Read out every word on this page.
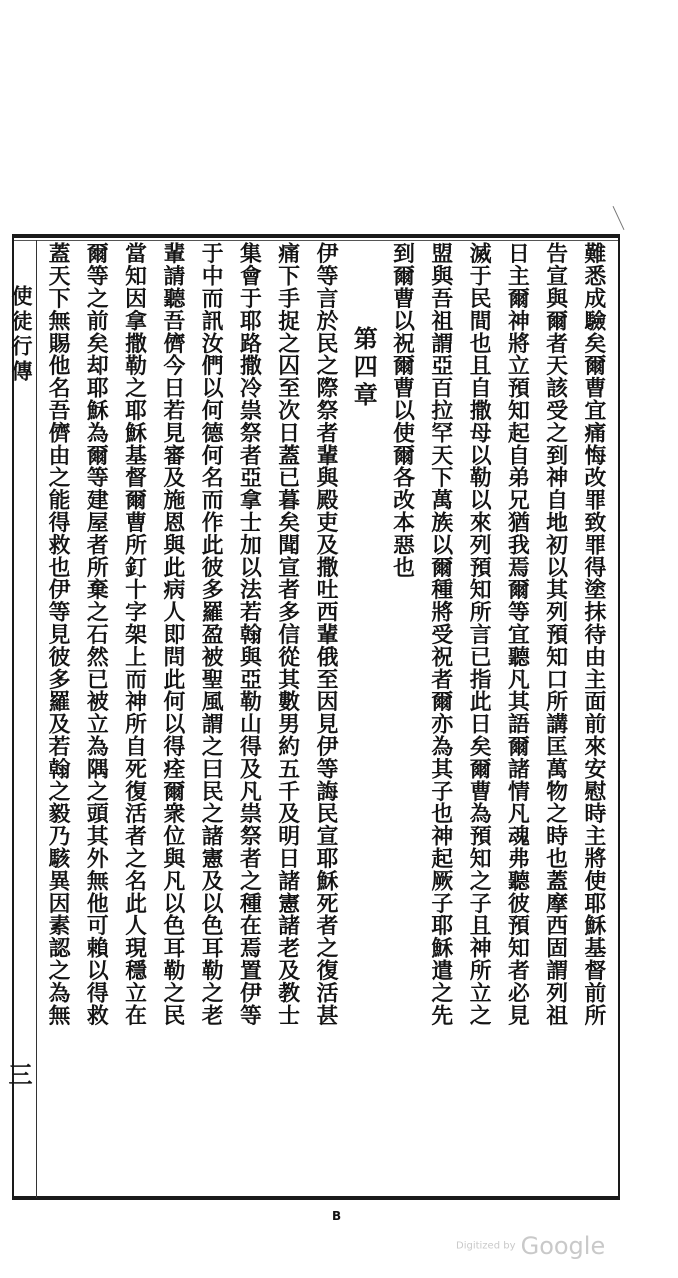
使徒行傳
三
難悉成驗矣爾曹宜痛悔改罪致罪得塗抹待由主面前來安慰時主將使耶穌基督前所
告宣與爾者天該受之到神自地初以其列預知口所講匡萬物之時也蓋摩西固謂列祖
日主爾神將立預知起自弟兄猶我焉爾等宜聽凡其語爾諸情凡魂弗聽彼預知者必見
滅于民間也且自撒母以勒以來列預知所言已指此日矣爾曹為預知之子且神所立之
盟與吾祖謂亞百拉罕天下萬族以爾種將受祝者爾亦為其子也神起厥子耶穌遣之先
到爾曹以祝爾曹以使爾各改本惡也
第四章
伊等言於民之際祭者輩與殿吏及撒吐西輩俄至因見伊等誨民宣耶穌死者之復活甚
痛下手捉之囚至次日蓋已暮矣聞宣者多信從其數男約五千及明日諸憲諸老及教士
集會于耶路撒冷祟祭者亞拿士加以法若翰與亞勒山得及凡祟祭者之種在焉置伊等
于中而訊汝們以何德何名而作此彼多羅盈被聖風謂之曰民之諸憲及以色耳勒之老
輩請聽吾儕今日若見審及施恩與此病人即問此何以得痊爾衆位與凡以色耳勒之民
當知因拿撒勒之耶穌基督爾曹所釘十字架上而神所自死復活者之名此人現穩立在
爾等之前矣却耶穌為爾等建屋者所棄之石然已被立為隅之頭其外無他可賴以得救
蓋天下無賜他名吾儕由之能得救也伊等見彼多羅及若翰之毅乃駭異因素認之為無
B
Digitized by Google
